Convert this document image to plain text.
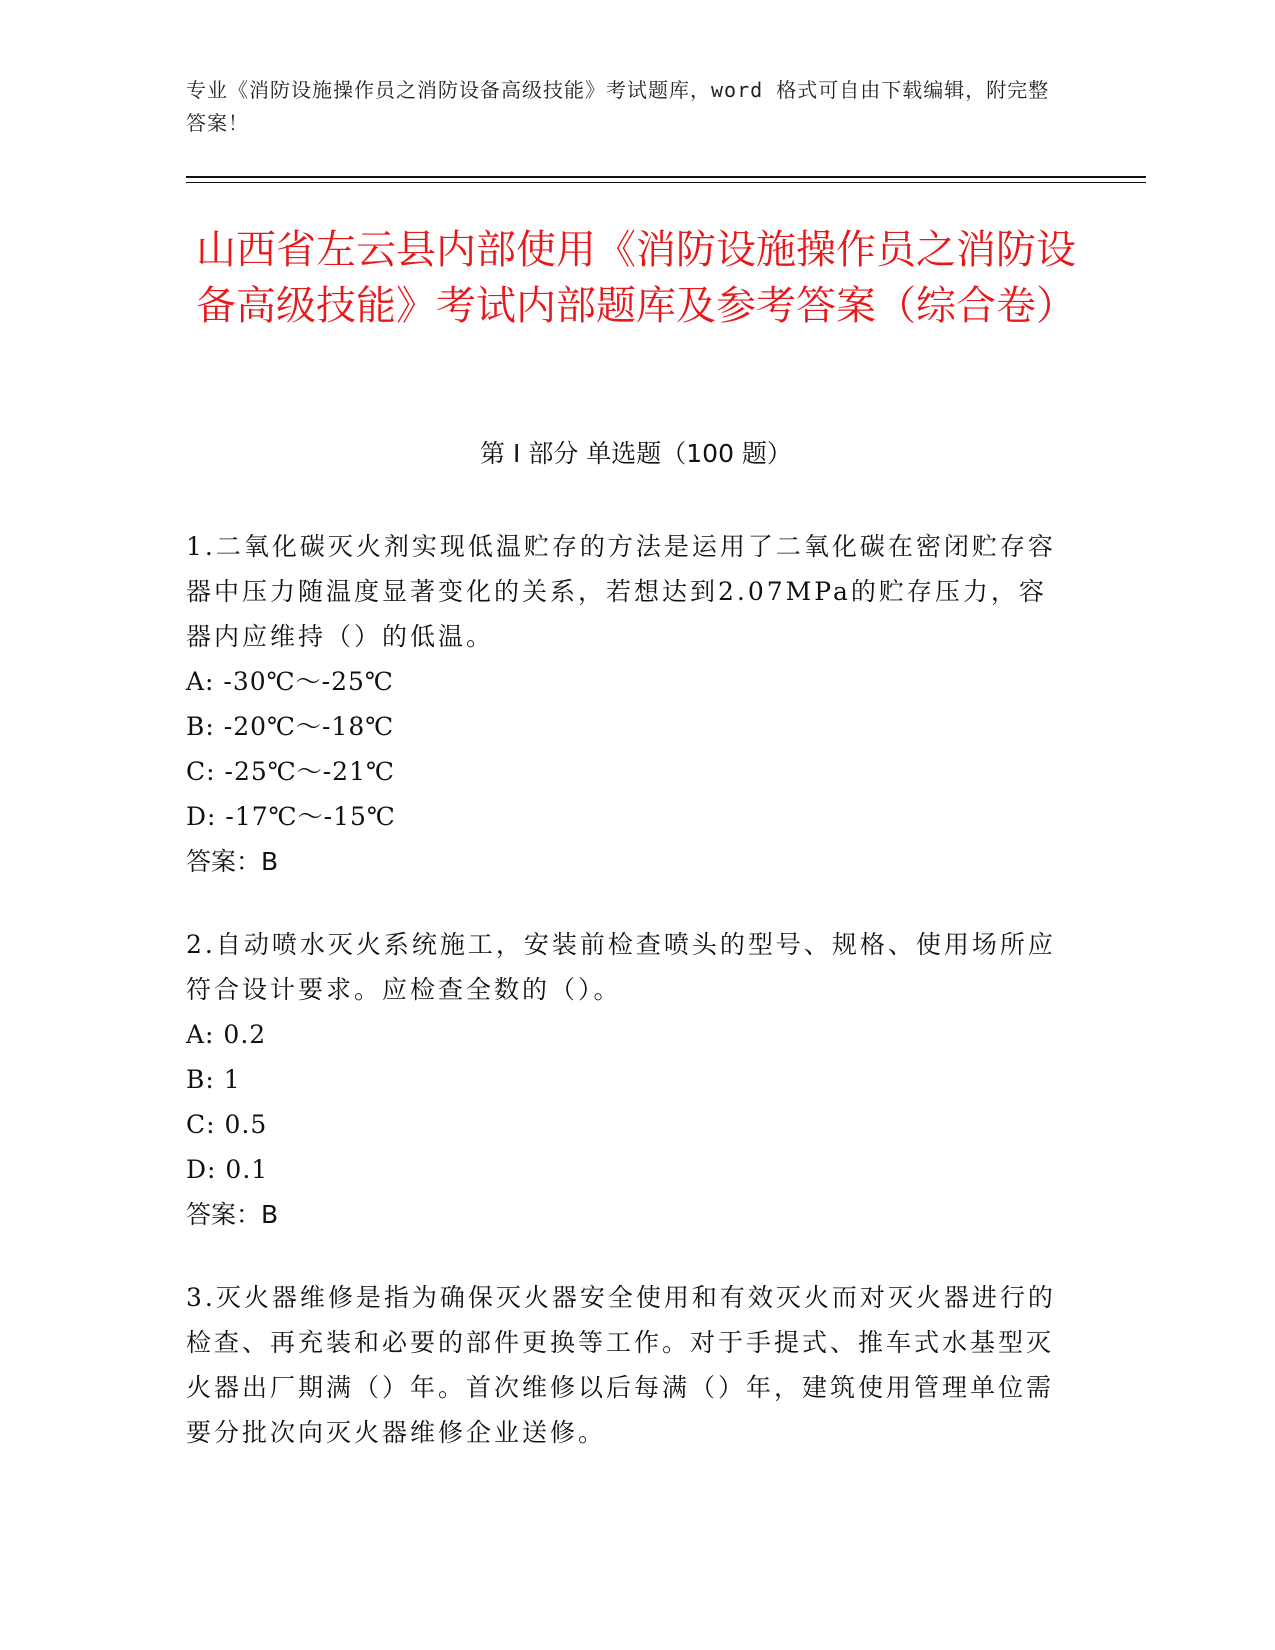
专业《消防设施操作员之消防设备高级技能》考试题库，word 格式可自由下载编辑，附完整答案！
山西省左云县内部使用《消防设施操作员之消防设备高级技能》考试内部题库及参考答案（综合卷）
第 I 部分 单选题（100 题）

1.二氧化碳灭火剂实现低温贮存的方法是运用了二氧化碳在密闭贮存容器中压力随温度显著变化的关系，若想达到2.07MPa的贮存压力，容器内应维持（）的低温。

A: -30℃～-25℃

B: -20℃～-18℃

C: -25℃～-21℃

D: -17℃～-15℃

答案：B

2.自动喷水灭火系统施工，安装前检查喷头的型号、规格、使用场所应符合设计要求。应检查全数的（）。

A: 0.2

B: 1

C: 0.5

D: 0.1

答案：B

3.灭火器维修是指为确保灭火器安全使用和有效灭火而对灭火器进行的检查、再充装和必要的部件更换等工作。对于手提式、推车式水基型灭火器出厂期满（）年。首次维修以后每满（）年，建筑使用管理单位需要分批次向灭火器维修企业送修。
